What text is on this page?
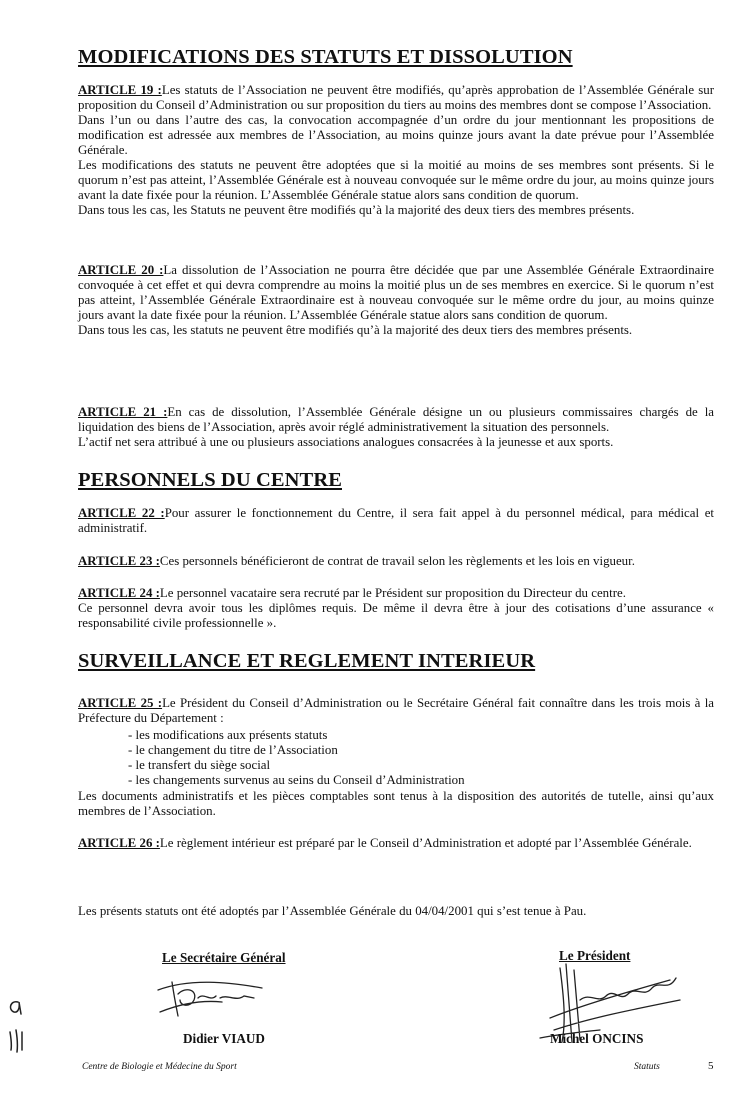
MODIFICATIONS DES STATUTS ET DISSOLUTION

ARTICLE 19 :Les statuts de l’Association ne peuvent être modifiés, qu’après approbation de l’Assemblée Générale sur proposition du Conseil d’Administration ou sur proposition du tiers au moins des membres dont se compose l’Association.

Dans l’un ou dans l’autre des cas, la convocation accompagnée d’un ordre du jour mentionnant les propositions de modification est adressée aux membres de l’Association, au moins quinze jours avant la date prévue pour l’Assemblée Générale.

Les modifications des statuts ne peuvent être adoptées que si la moitié au moins de ses membres sont présents. Si le quorum n’est pas atteint, l’Assemblée Générale est à nouveau convoquée sur le même ordre du jour, au moins quinze jours avant la date fixée pour la réunion. L’Assemblée Générale statue alors sans condition de quorum.

Dans tous les cas, les Statuts ne peuvent être modifiés qu’à la majorité des deux tiers des membres présents.

ARTICLE 20 :La dissolution de l’Association ne pourra être décidée que par une Assemblée Générale Extraordinaire convoquée à cet effet et qui devra comprendre au moins la moitié plus un de ses membres en exercice. Si le quorum n’est pas atteint, l’Assemblée Générale Extraordinaire est à nouveau convoquée sur le même ordre du jour, au moins quinze jours avant la date fixée pour la réunion. L’Assemblée Générale statue alors sans condition de quorum.

Dans tous les cas, les statuts ne peuvent être modifiés qu’à la majorité des deux tiers des membres présents.

ARTICLE 21 :En cas de dissolution, l’Assemblée Générale désigne un ou plusieurs commissaires chargés de la liquidation des biens de l’Association, après avoir réglé administrativement la situation des personnels.

L’actif net sera attribué à une ou plusieurs associations analogues consacrées à la jeunesse et aux sports.

PERSONNELS DU CENTRE

ARTICLE 22 :Pour assurer le fonctionnement du Centre, il sera fait appel à du personnel médical, para médical et administratif.

ARTICLE 23 :Ces personnels bénéficieront de contrat de travail selon les règlements et les lois en vigueur.

ARTICLE 24 :Le personnel vacataire sera recruté par le Président sur proposition du Directeur du centre.

Ce personnel devra avoir tous les diplômes requis. De même il devra être à jour des cotisations d’une assurance « responsabilité civile professionnelle ».

SURVEILLANCE ET REGLEMENT INTERIEUR

ARTICLE 25 :Le Président du Conseil d’Administration ou le Secrétaire Général fait connaître dans les trois mois à la Préfecture du Département :

- les modifications aux présents statuts
- le changement du titre de l’Association
- le transfert du siège social
- les changements survenus au seins du Conseil d’Administration

Les documents administratifs et les pièces comptables sont tenus à la disposition des autorités de tutelle, ainsi qu’aux membres de l’Association.

ARTICLE 26 :Le règlement intérieur est préparé par le Conseil d’Administration et adopté par l’Assemblée Générale.

Les présents statuts ont été adoptés par l’Assemblée Générale du 04/04/2001 qui s’est tenue à Pau.

Le Secrétaire Général	Le Président
Didier VIAUD	Michel ONCINS
Centre de Biologie et Médecine du Sport	Statuts	5
